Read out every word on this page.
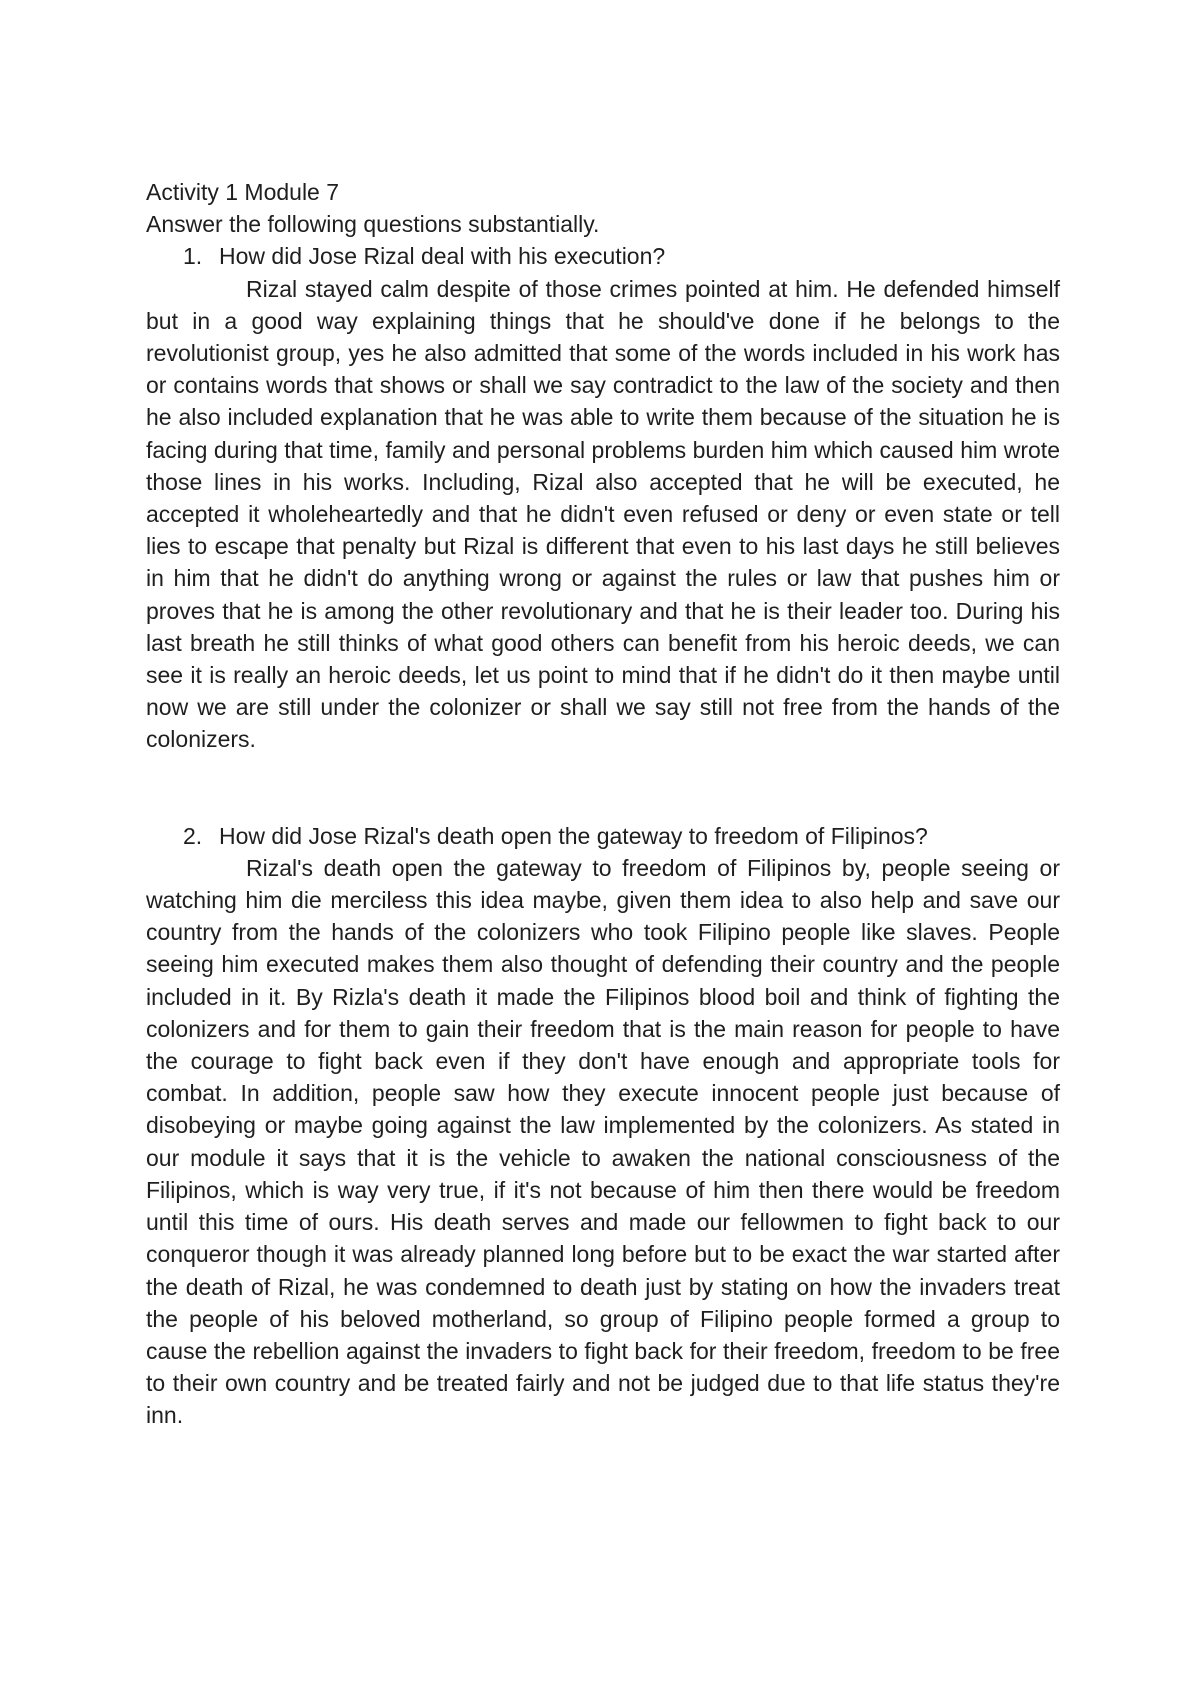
Activity 1 Module 7

Answer the following questions substantially.

1. How did Jose Rizal deal with his execution?

Rizal stayed calm despite of those crimes pointed at him. He defended himself but in a good way explaining things that he should've done if he belongs to the revolutionist group, yes he also admitted that some of the words included in his work has or contains words that shows or shall we say contradict to the law of the society and then he also included explanation that he was able to write them because of the situation he is facing during that time, family and personal problems burden him which caused him wrote those lines in his works. Including, Rizal also accepted that he will be executed, he accepted it wholeheartedly and that he didn't even refused or deny or even state or tell lies to escape that penalty but Rizal is different that even to his last days he still believes in him that he didn't do anything wrong or against the rules or law that pushes him or proves that he is among the other revolutionary and that he is their leader too. During his last breath he still thinks of what good others can benefit from his heroic deeds, we can see it is really an heroic deeds, let us point to mind that if he didn't do it then maybe until now we are still under the colonizer or shall we say still not free from the hands of the colonizers.

2. How did Jose Rizal's death open the gateway to freedom of Filipinos?

Rizal's death open the gateway to freedom of Filipinos by, people seeing or watching him die merciless this idea maybe, given them idea to also help and save our country from the hands of the colonizers who took Filipino people like slaves. People seeing him executed makes them also thought of defending their country and the people included in it. By Rizla's death it made the Filipinos blood boil and think of fighting the colonizers and for them to gain their freedom that is the main reason for people to have the courage to fight back even if they don't have enough and appropriate tools for combat. In addition, people saw how they execute innocent people just because of disobeying or maybe going against the law implemented by the colonizers. As stated in our module it says that it is the vehicle to awaken the national consciousness of the Filipinos, which is way very true, if it's not because of him then there would be freedom until this time of ours. His death serves and made our fellowmen to fight back to our conqueror though it was already planned long before but to be exact the war started after the death of Rizal, he was condemned to death just by stating on how the invaders treat the people of his beloved motherland, so group of Filipino people formed a group to cause the rebellion against the invaders to fight back for their freedom, freedom to be free to their own country and be treated fairly and not be judged due to that life status they're inn.
